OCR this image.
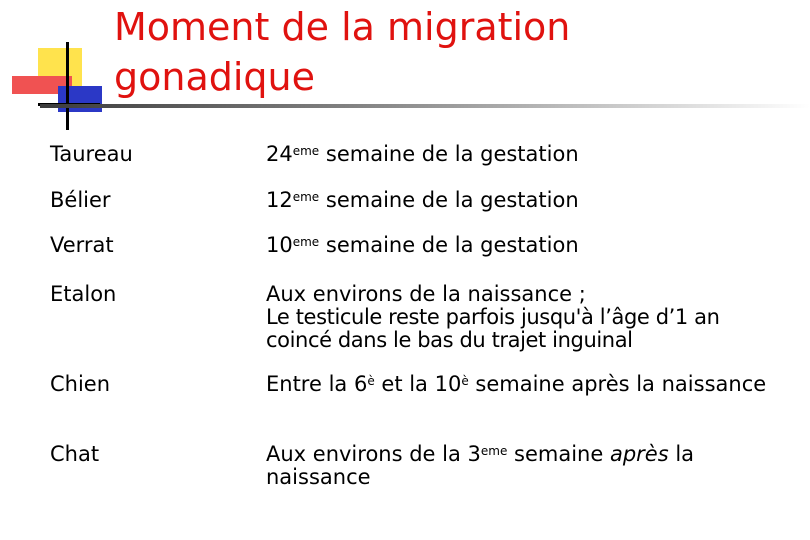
Moment de la migration
gonadique
Taureau	24eme semaine de la gestation
Bélier	12eme semaine de la gestation
Verrat	10eme semaine de la gestation
Etalon	Aux environs de la naissance ; Le testicule reste parfois jusqu'à l’âge d’1 an coincé dans le bas du trajet inguinal
Chien	Entre la $6^è$ et la $10^è$ semaine après la naissance
Chat	Aux environs de la 3eme semaine après la naissance
